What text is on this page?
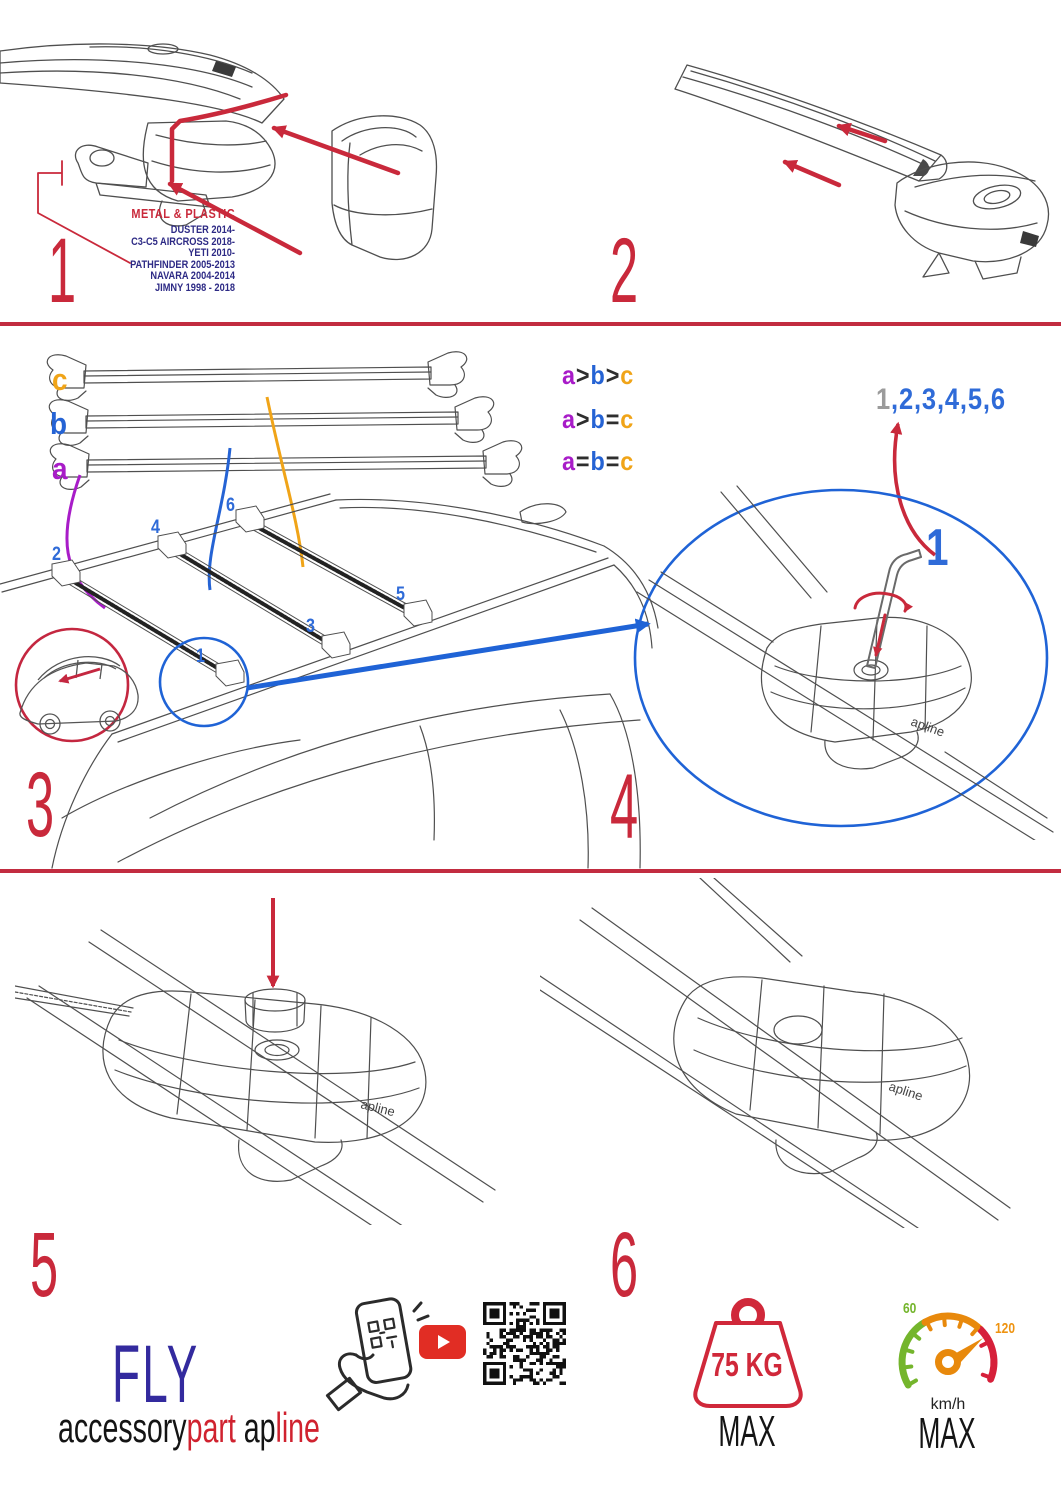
METAL & PLASTIC
DUSTER 2014-
C3-C5 AIRCROSS 2018-
YETI 2010-
PATHFINDER 2005-2013
NAVARA 2004-2014
JIMNY 1998 - 2018
1	2
c
b
a
a>b>c
a>b=c
a=b=c
1
2
3
4
5
6
3
1,2,3,4,5,6
1
apline
4
apline
5
apline
6
FLY
accessorypart apline
75 KG
MAX
60
120
km/h
MAX
